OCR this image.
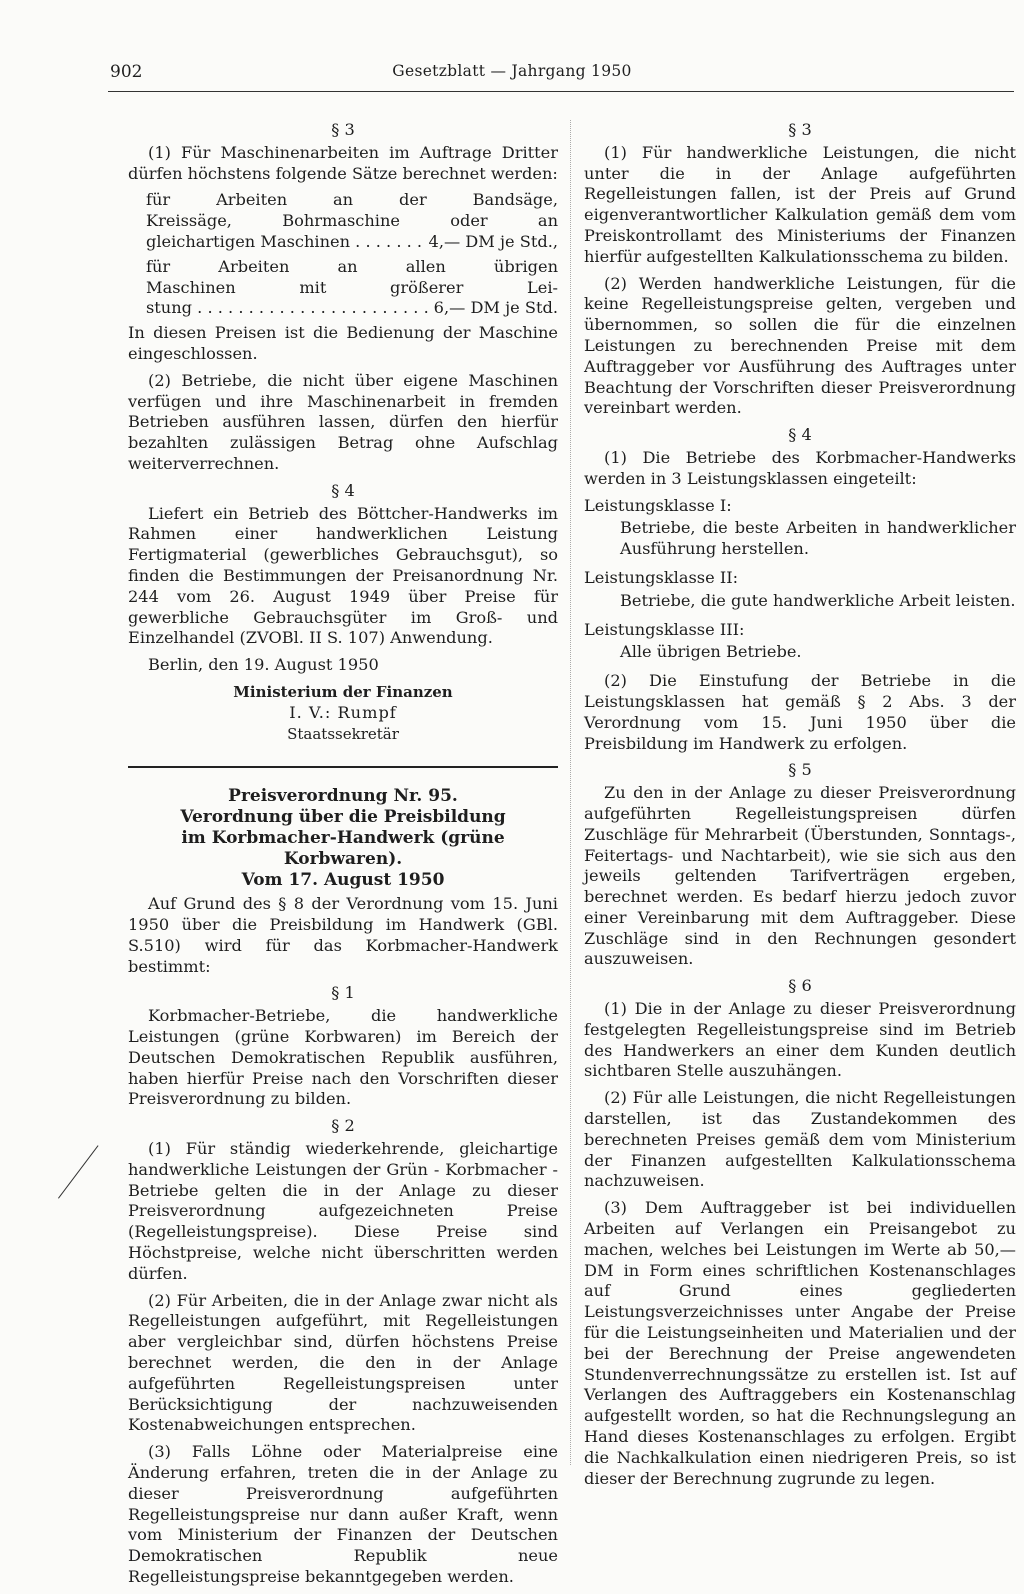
902	Gesetzblatt — Jahrgang 1950
§ 3

(1) Für Maschinenarbeiten im Auftrage Dritter dürfen höchstens folgende Sätze berechnet werden:

für Arbeiten an der Bandsäge,
Kreissäge, Bohrmaschine oder an
gleichartigen Maschinen . . .	4,— DM je Std.,
für Arbeiten an allen übrigen
Maschinen mit größerer Lei-
stung . . .	6,— DM je Std.

In diesen Preisen ist die Bedienung der Maschine eingeschlossen.

(2) Betriebe, die nicht über eigene Maschinen verfügen und ihre Maschinenarbeit in fremden Betrieben ausführen lassen, dürfen den hierfür bezahlten zulässigen Betrag ohne Aufschlag weiterverrechnen.

§ 4

Liefert ein Betrieb des Böttcher-Handwerks im Rahmen einer handwerklichen Leistung Fertigmaterial (gewerbliches Gebrauchsgut), so finden die Bestimmungen der Preisanordnung Nr. 244 vom 26. August 1949 über Preise für gewerbliche Gebrauchsgüter im Groß- und Einzelhandel (ZVOBl. II S. 107) Anwendung.

Berlin, den 19. August 1950

Ministerium der Finanzen

I. V.: Rumpf

Staatssekretär

Preisverordnung Nr. 95.

Verordnung über die Preisbildung

im Korbmacher-Handwerk (grüne Korbwaren).

Vom 17. August 1950

Auf Grund des § 8 der Verordnung vom 15. Juni 1950 über die Preisbildung im Handwerk (GBl. S.510) wird für das Korbmacher-Handwerk bestimmt:

§ 1

Korbmacher-Betriebe, die handwerkliche Leistungen (grüne Korbwaren) im Bereich der Deutschen Demokratischen Republik ausführen, haben hierfür Preise nach den Vorschriften dieser Preisverordnung zu bilden.

§ 2

(1) Für ständig wiederkehrende, gleichartige handwerkliche Leistungen der Grün - Korbmacher - Betriebe gelten die in der Anlage zu dieser Preisverordnung aufgezeichneten Preise (Regelleistungspreise). Diese Preise sind Höchstpreise, welche nicht überschritten werden dürfen.

(2) Für Arbeiten, die in der Anlage zwar nicht als Regelleistungen aufgeführt, mit Regelleistungen aber vergleichbar sind, dürfen höchstens Preise berechnet werden, die den in der Anlage aufgeführten Regelleistungspreisen unter Berücksichtigung der nachzuweisenden Kostenabweichungen entsprechen.

(3) Falls Löhne oder Materialpreise eine Änderung erfahren, treten die in der Anlage zu dieser Preisverordnung aufgeführten Regelleistungspreise nur dann außer Kraft, wenn vom Ministerium der Finanzen der Deutschen Demokratischen Republik neue Regelleistungspreise bekanntgegeben werden.

§ 3

(1) Für handwerkliche Leistungen, die nicht unter die in der Anlage aufgeführten Regelleistungen fallen, ist der Preis auf Grund eigenverantwortlicher Kalkulation gemäß dem vom Preiskontrollamt des Ministeriums der Finanzen hierfür aufgestellten Kalkulationsschema zu bilden.

(2) Werden handwerkliche Leistungen, für die keine Regelleistungspreise gelten, vergeben und übernommen, so sollen die für die einzelnen Leistungen zu berechnenden Preise mit dem Auftraggeber vor Ausführung des Auftrages unter Beachtung der Vorschriften dieser Preisverordnung vereinbart werden.

§ 4

(1) Die Betriebe des Korbmacher-Handwerks werden in 3 Leistungsklassen eingeteilt:

Leistungsklasse I:

Betriebe, die beste Arbeiten in handwerklicher Ausführung herstellen.

Leistungsklasse II:

Betriebe, die gute handwerkliche Arbeit leisten.

Leistungsklasse III:

Alle übrigen Betriebe.

(2) Die Einstufung der Betriebe in die Leistungsklassen hat gemäß § 2 Abs. 3 der Verordnung vom 15. Juni 1950 über die Preisbildung im Handwerk zu erfolgen.

§ 5

Zu den in der Anlage zu dieser Preisverordnung aufgeführten Regelleistungspreisen dürfen Zuschläge für Mehrarbeit (Überstunden, Sonntags-, Feitertags- und Nachtarbeit), wie sie sich aus den jeweils geltenden Tarifverträgen ergeben, berechnet werden. Es bedarf hierzu jedoch zuvor einer Vereinbarung mit dem Auftraggeber. Diese Zuschläge sind in den Rechnungen gesondert auszuweisen.

§ 6

(1) Die in der Anlage zu dieser Preisverordnung festgelegten Regelleistungspreise sind im Betrieb des Handwerkers an einer dem Kunden deutlich sichtbaren Stelle auszuhängen.

(2) Für alle Leistungen, die nicht Regelleistungen darstellen, ist das Zustandekommen des berechneten Preises gemäß dem vom Ministerium der Finanzen aufgestellten Kalkulationsschema nachzuweisen.

(3) Dem Auftraggeber ist bei individuellen Arbeiten auf Verlangen ein Preisangebot zu machen, welches bei Leistungen im Werte ab 50,— DM in Form eines schriftlichen Kostenanschlages auf Grund eines gegliederten Leistungsverzeichnisses unter Angabe der Preise für die Leistungseinheiten und Materialien und der bei der Berechnung der Preise angewendeten Stundenverrechnungssätze zu erstellen ist. Ist auf Verlangen des Auftraggebers ein Kostenanschlag aufgestellt worden, so hat die Rechnungslegung an Hand dieses Kostenanschlages zu erfolgen. Ergibt die Nachkalkulation einen niedrigeren Preis, so ist dieser der Berechnung zugrunde zu legen.
